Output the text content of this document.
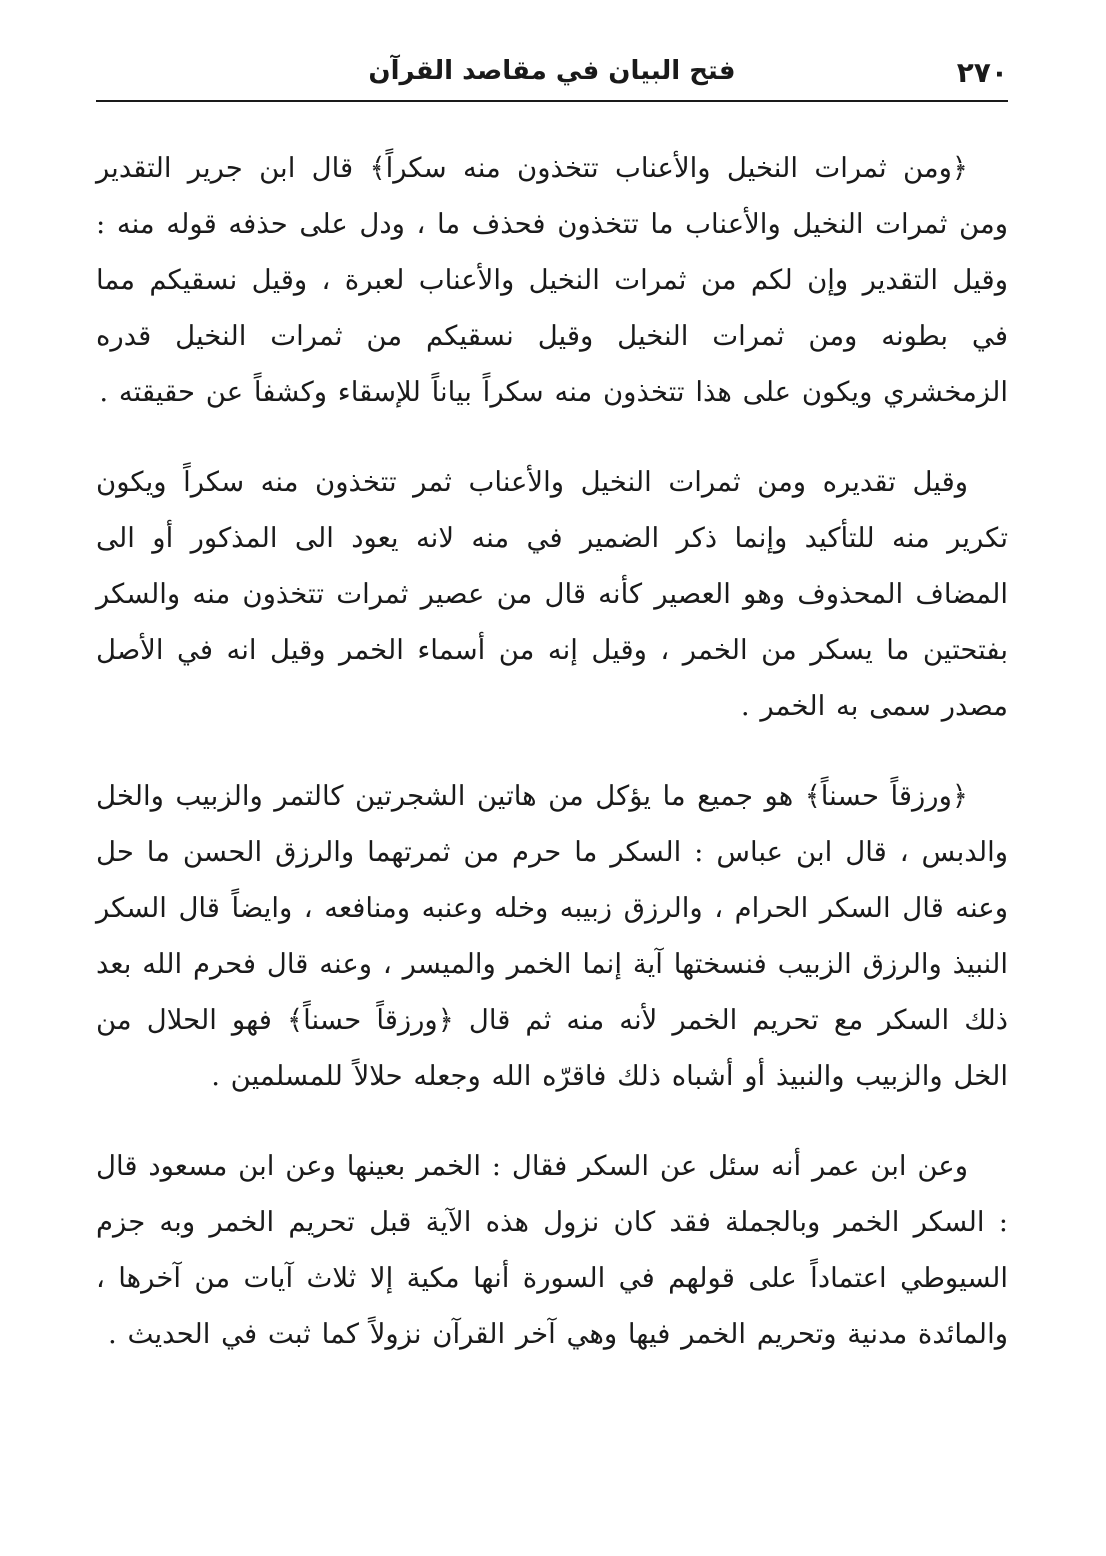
٢٧٠
فتح البيان في مقاصد القرآن

﴿ومن ثمرات النخيل والأعناب تتخذون منه سكراً﴾ قال ابن جرير التقدير ومن ثمرات النخيل والأعناب ما تتخذون فحذف ما ، ودل على حذفه قوله منه : وقيل التقدير وإن لكم من ثمرات النخيل والأعناب لعبرة ، وقيل نسقيكم مما في بطونه ومن ثمرات النخيل وقيل نسقيكم من ثمرات النخيل قدره الزمخشري ويكون على هذا تتخذون منه سكراً بياناً للإسقاء وكشفاً عن حقيقته .

وقيل تقديره ومن ثمرات النخيل والأعناب ثمر تتخذون منه سكراً ويكون تكرير منه للتأكيد وإنما ذكر الضمير في منه لانه يعود الى المذكور أو الى المضاف المحذوف وهو العصير كأنه قال من عصير ثمرات تتخذون منه والسكر بفتحتين ما يسكر من الخمر ، وقيل إنه من أسماء الخمر وقيل انه في الأصل مصدر سمى به الخمر .

﴿ورزقاً حسناً﴾ هو جميع ما يؤكل من هاتين الشجرتين كالتمر والزبيب والخل والدبس ، قال ابن عباس : السكر ما حرم من ثمرتهما والرزق الحسن ما حل وعنه قال السكر الحرام ، والرزق زبيبه وخله وعنبه ومنافعه ، وايضاً قال السكر النبيذ والرزق الزبيب فنسختها آية إنما الخمر والميسر ، وعنه قال فحرم الله بعد ذلك السكر مع تحريم الخمر لأنه منه ثم قال ﴿ورزقاً حسناً﴾ فهو الحلال من الخل والزبيب والنبيذ أو أشباه ذلك فاقرّه الله وجعله حلالاً للمسلمين .

وعن ابن عمر أنه سئل عن السكر فقال : الخمر بعينها وعن ابن مسعود قال : السكر الخمر وبالجملة فقد كان نزول هذه الآية قبل تحريم الخمر وبه جزم السيوطي اعتماداً على قولهم في السورة أنها مكية إلا ثلاث آيات من آخرها ، والمائدة مدنية وتحريم الخمر فيها وهي آخر القرآن نزولاً كما ثبت في الحديث .
